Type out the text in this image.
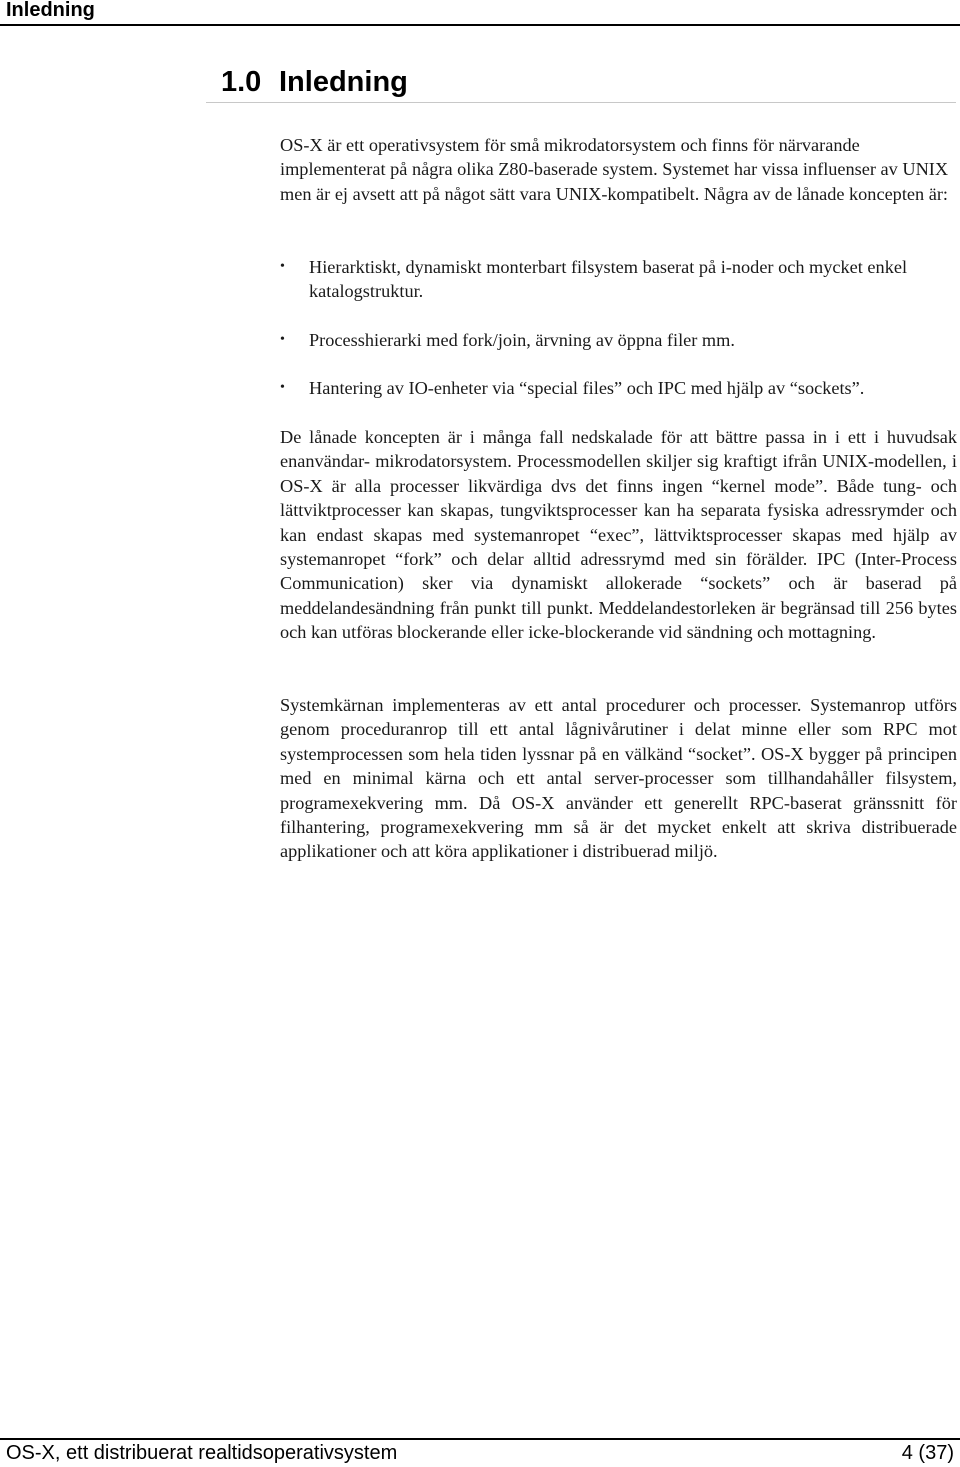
Inledning
1.0 Inledning

OS-X är ett operativsystem för små mikrodatorsystem och finns för närvarande implementerat på några olika Z80-baserade system. Systemet har vissa influenser av UNIX men är ej avsett att på något sätt vara UNIX-kompatibelt. Några av de lånade koncepten är:

• Hierarktiskt, dynamiskt monterbart filsystem baserat på i-noder och mycket enkel katalogstruktur.
• Processhierarki med fork/join, ärvning av öppna filer mm.
• Hantering av IO-enheter via “special files” och IPC med hjälp av “sockets”.

De lånade koncepten är i många fall nedskalade för att bättre passa in i ett i huvudsak enanvändar- mikrodatorsystem. Processmodellen skiljer sig kraftigt ifrån UNIX-modellen, i OS-X är alla processer likvärdiga dvs det finns ingen “kernel mode”. Både tung- och lättviktprocesser kan skapas, tungviktsprocesser kan ha separata fysiska adressrymder och kan endast skapas med systemanropet “exec”, lättviktsprocesser skapas med hjälp av systemanropet “fork” och delar alltid adressrymd med sin förälder. IPC (Inter-Process Communication) sker via dynamiskt allokerade “sockets” och är baserad på meddelandesändning från punkt till punkt. Meddelandestorleken är begränsad till 256 bytes och kan utföras blockerande eller icke-blockerande vid sändning och mottagning.

Systemkärnan implementeras av ett antal procedurer och processer. Systemanrop utförs genom proceduranrop till ett antal lågnivårutiner i delat minne eller som RPC mot systemprocessen som hela tiden lyssnar på en välkänd “socket”. OS-X bygger på principen med en minimal kärna och ett antal server-processer som tillhandahåller filsystem, programexekvering mm. Då OS-X använder ett generellt RPC-baserat gränssnitt för filhantering, programexekvering mm så är det mycket enkelt att skriva distribuerade applikationer och att köra applikationer i distribuerad miljö.

OS-X, ett distribuerat realtidsoperativsystem	4 (37)
